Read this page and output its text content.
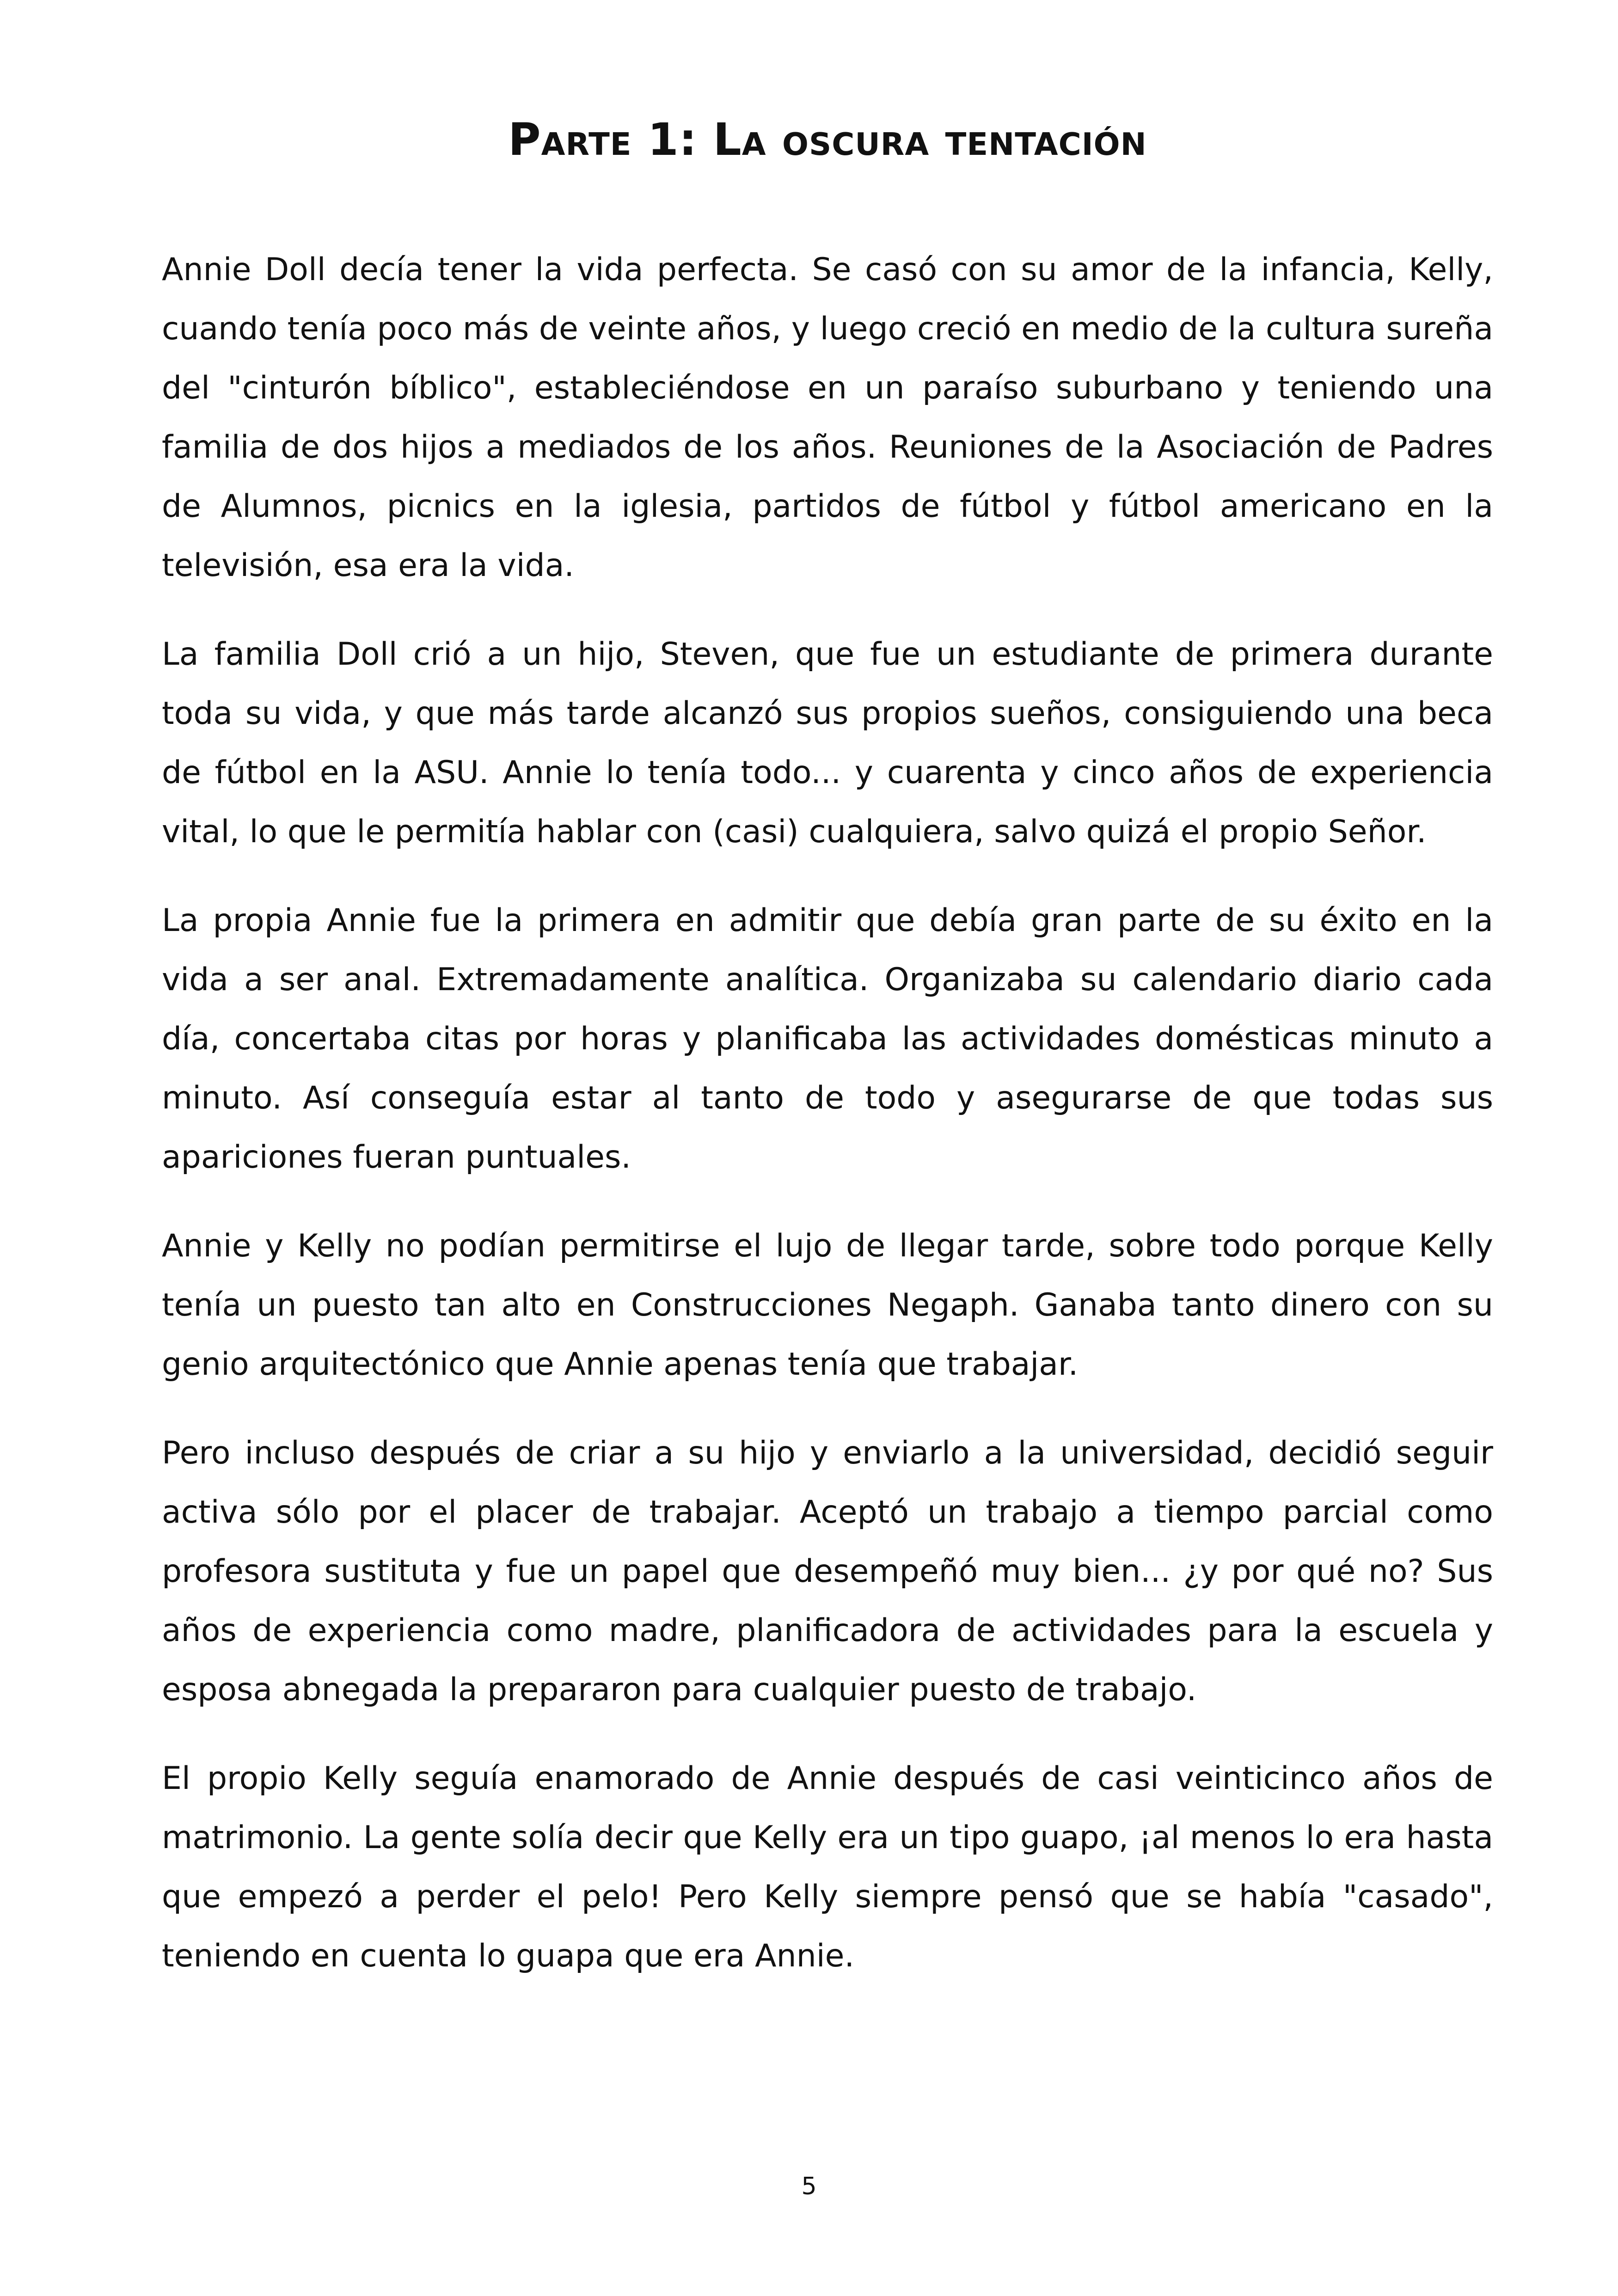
Parte 1: La oscura tentación

Annie Doll decía tener la vida perfecta. Se casó con su amor de la infancia, Kelly, cuando tenía poco más de veinte años, y luego creció en medio de la cultura sureña del "cinturón bíblico", estableciéndose en un paraíso suburbano y teniendo una familia de dos hijos a mediados de los años. Reuniones de la Asociación de Padres de Alumnos, picnics en la iglesia, partidos de fútbol y fútbol americano en la televisión, esa era la vida.

La familia Doll crió a un hijo, Steven, que fue un estudiante de primera durante toda su vida, y que más tarde alcanzó sus propios sueños, consiguiendo una beca de fútbol en la ASU. Annie lo tenía todo... y cuarenta y cinco años de experiencia vital, lo que le permitía hablar con (casi) cualquiera, salvo quizá el propio Señor.

La propia Annie fue la primera en admitir que debía gran parte de su éxito en la vida a ser anal. Extremadamente analítica. Organizaba su calendario diario cada día, concertaba citas por horas y planificaba las actividades domésticas minuto a minuto. Así conseguía estar al tanto de todo y asegurarse de que todas sus apariciones fueran puntuales.

Annie y Kelly no podían permitirse el lujo de llegar tarde, sobre todo porque Kelly tenía un puesto tan alto en Construcciones Negaph. Ganaba tanto dinero con su genio arquitectónico que Annie apenas tenía que trabajar.

Pero incluso después de criar a su hijo y enviarlo a la universidad, decidió seguir activa sólo por el placer de trabajar. Aceptó un trabajo a tiempo parcial como profesora sustituta y fue un papel que desempeñó muy bien... ¿y por qué no? Sus años de experiencia como madre, planificadora de actividades para la escuela y esposa abnegada la prepararon para cualquier puesto de trabajo.

El propio Kelly seguía enamorado de Annie después de casi veinticinco años de matrimonio. La gente solía decir que Kelly era un tipo guapo, ¡al menos lo era hasta que empezó a perder el pelo! Pero Kelly siempre pensó que se había "casado", teniendo en cuenta lo guapa que era Annie.

5
